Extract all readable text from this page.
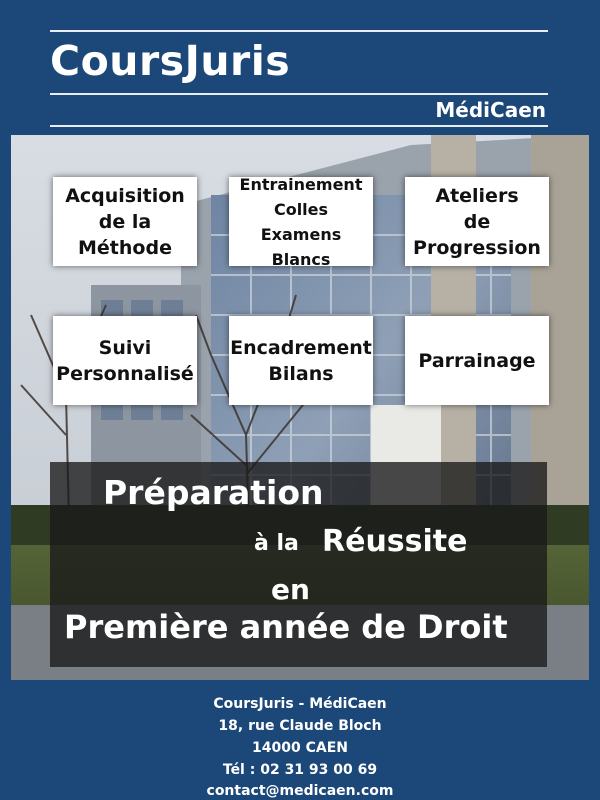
CoursJuris
MédiCaen
Acquisition
de la
Méthode
Entrainement
Colles
Examens Blancs
Ateliers
de
Progression
Suivi
Personnalisé
Encadrement
Bilans
Parrainage
Préparation
à la Réussite
en
Première année de Droit
CoursJuris - MédiCaen
18, rue Claude Bloch
14000 CAEN
Tél : 02 31 93 00 69
contact@medicaen.com
